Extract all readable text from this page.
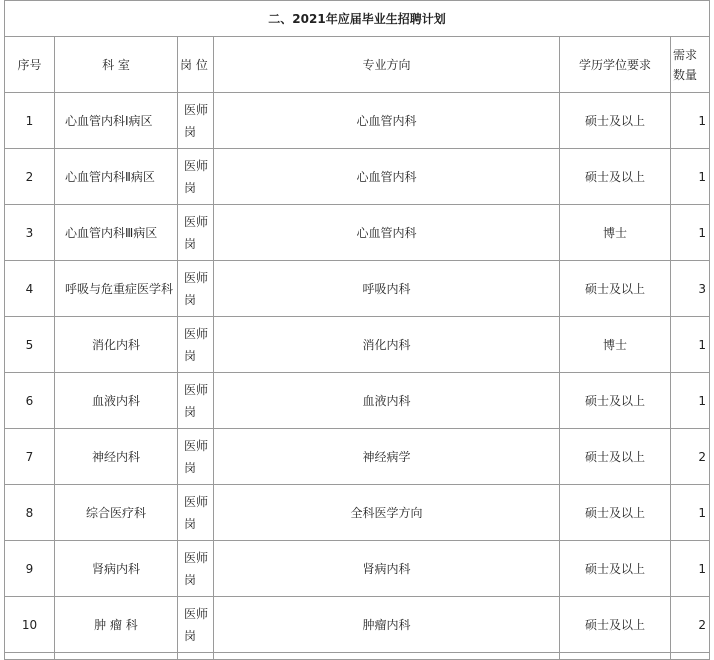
二、2021年应届毕业生招聘计划					
序号	科 室	岗 位	专业方向	学历学位要求	需求数量

1	心血管内科Ⅰ病区	医师岗	心血管内科	硕士及以上	1
2	心血管内科Ⅱ病区	医师岗	心血管内科	硕士及以上	1
3	心血管内科Ⅲ病区	医师岗	心血管内科	博士	1
4	呼吸与危重症医学科	医师岗	呼吸内科	硕士及以上	3
5	消化内科	医师岗	消化内科	博士	1
6	血液内科	医师岗	血液内科	硕士及以上	1
7	神经内科	医师岗	神经病学	硕士及以上	2
8	综合医疗科	医师岗	全科医学方向	硕士及以上	1
9	肾病内科	医师岗	肾病内科	硕士及以上	1
10	肿 瘤 科	医师岗	肿瘤内科	硕士及以上	2
